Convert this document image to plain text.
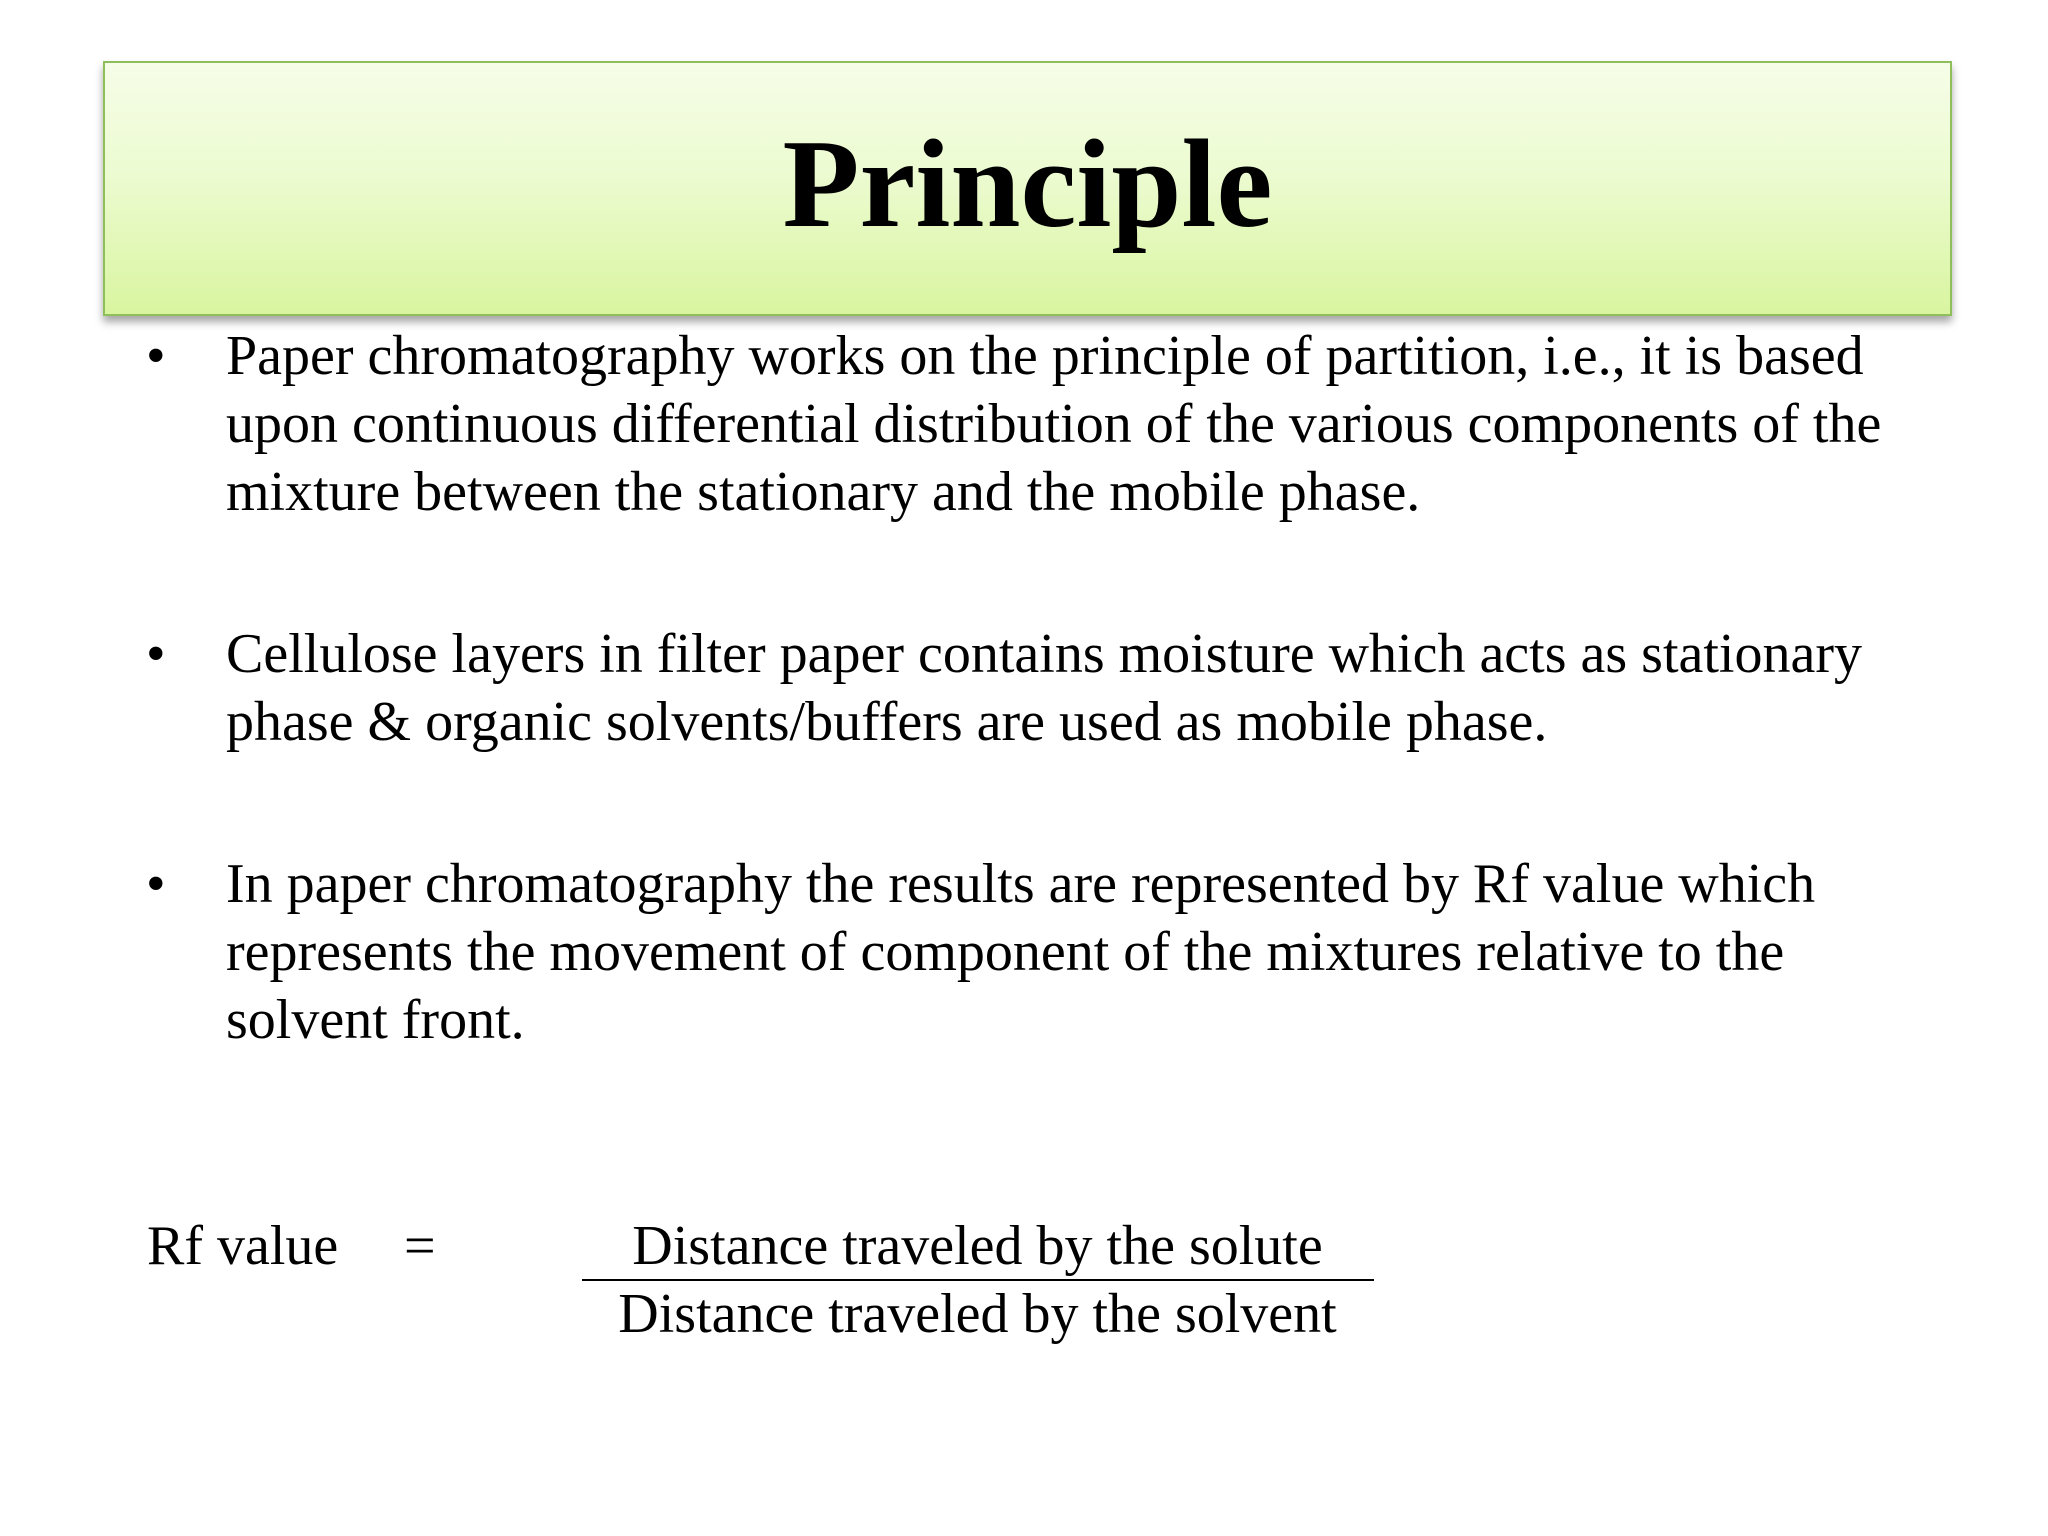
Principle
• Paper chromatography works on the principle of partition, i.e., it is based upon continuous differential distribution of the various components of the mixture between the stationary and the mobile phase.
• Cellulose layers in filter paper contains moisture which acts as stationary phase & organic solvents/buffers are used as mobile phase.
• In paper chromatography the results are represented by Rf value which represents the movement of component of the mixtures relative to the solvent front.
Rf value =	Distance traveled by the solute
Distance traveled by the solvent
